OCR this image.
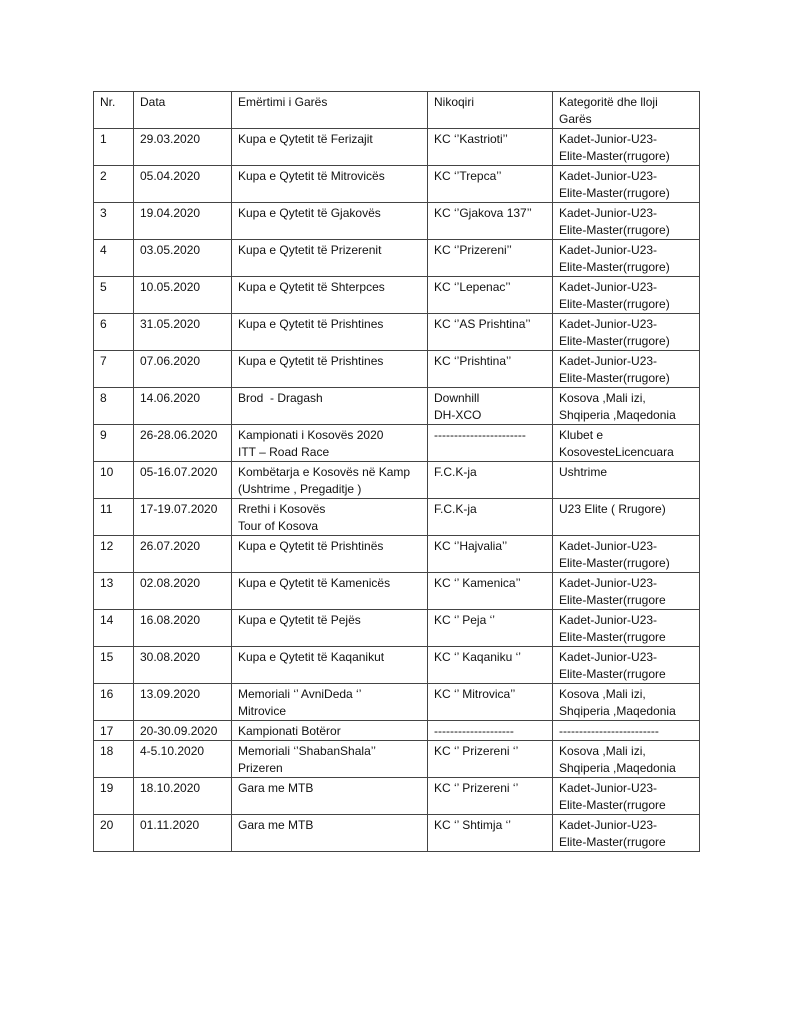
Nr.	Data	Emërtimi i Garës	Nikoqiri	Kategoritë dhe lloji
Garës

1	29.03.2020	Kupa e Qytetit të Ferizajit	KC ‘’Kastrioti’’	Kadet-Junior-U23-
Elite-Master(rrugore)

2	05.04.2020	Kupa e Qytetit të Mitrovicës	KC ‘’Trepca’’	Kadet-Junior-U23-
Elite-Master(rrugore)

3	19.04.2020	Kupa e Qytetit të Gjakovës	KC ‘’Gjakova 137’’	Kadet-Junior-U23-
Elite-Master(rrugore)

4	03.05.2020	Kupa e Qytetit të Prizerenit	KC ‘’Prizereni’’	Kadet-Junior-U23-
Elite-Master(rrugore)

5	10.05.2020	Kupa e Qytetit të Shterpces	KC ‘’Lepenac’’	Kadet-Junior-U23-
Elite-Master(rrugore)

6	31.05.2020	Kupa e Qytetit të Prishtines	KC ‘’AS Prishtina’’	Kadet-Junior-U23-
Elite-Master(rrugore)

7	07.06.2020	Kupa e Qytetit të Prishtines	KC ‘’Prishtina’’	Kadet-Junior-U23-
Elite-Master(rrugore)

8	14.06.2020	Brod  - Dragash	Downhill
DH-XCO	Kosova ,Mali izi,
Shqiperia ,Maqedonia

9	26-28.06.2020	Kampionati i Kosovës 2020
ITT – Road Race	-----------------------	Klubet e
KosovesteLicencuara

10	05-16.07.2020	Kombëtarja e Kosovës në Kamp
(Ushtrime , Pregaditje )	F.C.K-ja	Ushtrime

11	17-19.07.2020	Rrethi i Kosovës
Tour of Kosova	F.C.K-ja	U23 Elite ( Rrugore)

12	26.07.2020	Kupa e Qytetit të Prishtinës	KC ‘’Hajvalia’’	Kadet-Junior-U23-
Elite-Master(rrugore)

13	02.08.2020	Kupa e Qytetit të Kamenicës	KC ‘’ Kamenica’’	Kadet-Junior-U23-
Elite-Master(rrugore

14	16.08.2020	Kupa e Qytetit të Pejës	KC ‘’ Peja ‘’	Kadet-Junior-U23-
Elite-Master(rrugore

15	30.08.2020	Kupa e Qytetit të Kaqanikut	KC ‘’ Kaqaniku ‘’	Kadet-Junior-U23-
Elite-Master(rrugore

16	13.09.2020	Memoriali ‘’ AvniDeda ‘’
Mitrovice	KC ‘’ Mitrovica’’	Kosova ,Mali izi,
Shqiperia ,Maqedonia

17	20-30.09.2020	Kampionati Botëror	--------------------	-------------------------

18	4-5.10.2020	Memoriali ‘’ShabanShala’’
Prizeren	KC ‘’ Prizereni ‘’	Kosova ,Mali izi,
Shqiperia ,Maqedonia

19	18.10.2020	Gara me MTB	KC ‘’ Prizereni ‘’	Kadet-Junior-U23-
Elite-Master(rrugore

20	01.11.2020	Gara me MTB	KC ‘’ Shtimja ‘’	Kadet-Junior-U23-
Elite-Master(rrugore
